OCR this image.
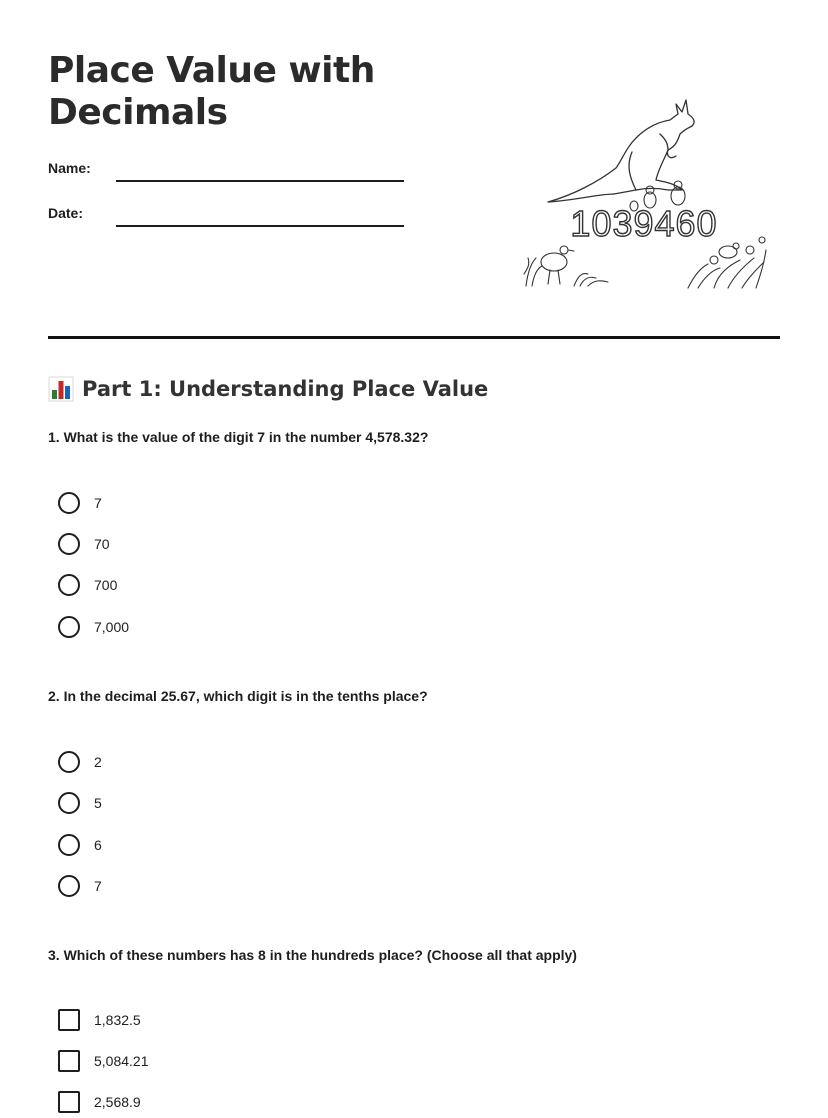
Place Value with Decimals
Name:
Date:	1039460
Part 1: Understanding Place Value
1. What is the value of the digit 7 in the number 4,578.32?
7
70
700
7,000
2. In the decimal 25.67, which digit is in the tenths place?
2
5
6
7
3. Which of these numbers has 8 in the hundreds place? (Choose all that apply)
1,832.5
5,084.21
2,568.9
